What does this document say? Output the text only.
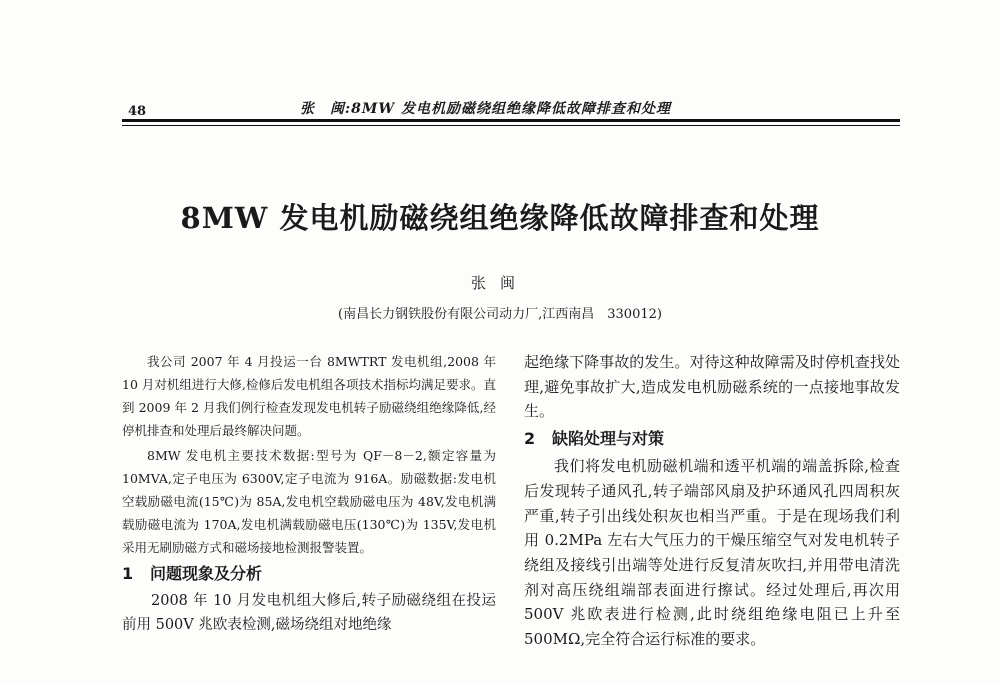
48	张　闽:8MW 发电机励磁绕组绝缘降低故障排查和处理
8MW 发电机励磁绕组绝缘降低故障排查和处理
张闽
(南昌长力钢铁股份有限公司动力厂,江西南昌　330012)

我公司 2007 年 4 月投运一台 8MWTRT 发电机组,2008 年 10 月对机组进行大修,检修后发电机组各项技术指标均满足要求。直到 2009 年 2 月我们例行检查发现发电机转子励磁绕组绝缘降低,经停机排查和处理后最终解决问题。

8MW 发电机主要技术数据:型号为 QF－8－2,额定容量为 10MVA,定子电压为 6300V,定子电流为 916A。励磁数据:发电机空载励磁电流(15℃)为 85A,发电机空载励磁电压为 48V,发电机满载励磁电流为 170A,发电机满载励磁电压(130℃)为 135V,发电机采用无刷励磁方式和磁场接地检测报警装置。

1 问题现象及分析

2008 年 10 月发电机组大修后,转子励磁绕组在投运前用 500V 兆欧表检测,磁场绕组对地绝缘

起绝缘下降事故的发生。对待这种故障需及时停机查找处理,避免事故扩大,造成发电机励磁系统的一点接地事故发生。

2 缺陷处理与对策

我们将发电机励磁机端和透平机端的端盖拆除,检查后发现转子通风孔,转子端部风扇及护环通风孔四周积灰严重,转子引出线处积灰也相当严重。于是在现场我们利用 0.2MPa 左右大气压力的干燥压缩空气对发电机转子绕组及接线引出端等处进行反复清灰吹扫,并用带电清洗剂对高压绕组端部表面进行擦试。经过处理后,再次用 500V 兆欧表进行检测,此时绕组绝缘电阻已上升至 500MΩ,完全符合运行标准的要求。
